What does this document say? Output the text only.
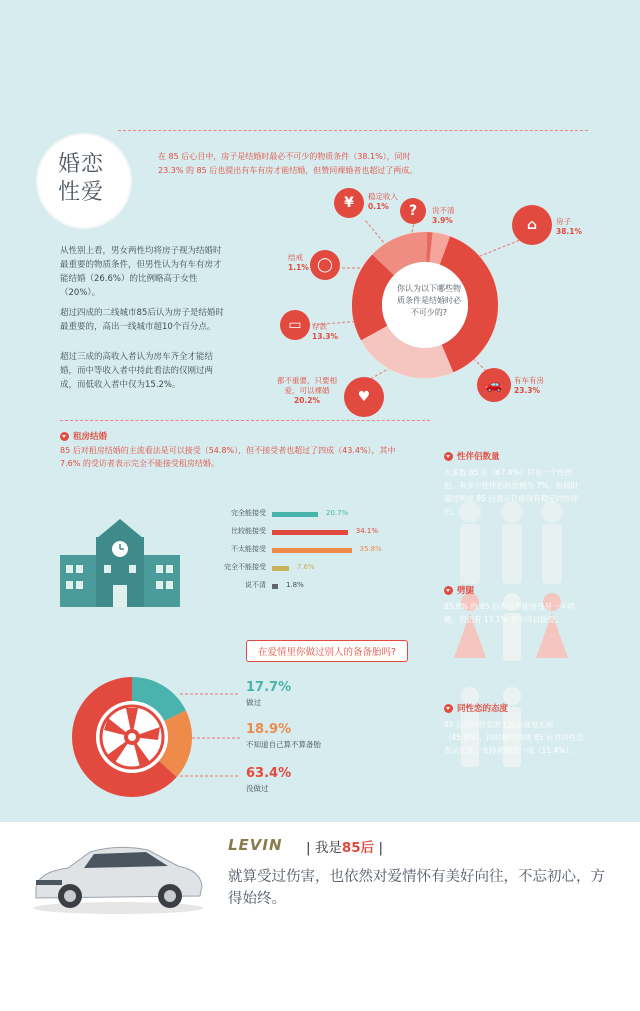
婚恋
性爱
在 85 后心目中，房子是结婚时最必不可少的物质条件（38.1%），同时 23.3% 的 85 后也提出有车有房才能结婚，但赞同裸婚者也超过了两成。
从性别上看，男女两性均将房子视为结婚时最重要的物质条件，但男性认为有车有房才能结婚（26.6%）的比例略高于女性（20%）。
超过四成的二线城市85后认为房子是结婚时最重要的，高出一线城市超10个百分点。
超过三成的高收入者认为房车齐全才能结婚，而中等收入者中持此看法的仅刚过两成，而低收入者中仅为15.2%。
你认为以下哪些物质条件是结婚时必不可少的?
¥	稳定收入
0.1%	?	说不清
3.9%	⌂	房子
38.1%
◯
结戒
1.1%
▭	存款
13.3%
🚗	有车有房
23.3%
♥
都不重要，只要相爱，可以裸婚
20.2%
租房结婚
85 后对租房结婚的主流看法是可以接受（54.8%），但不接受者也超过了四成（43.4%），其中 7.6% 的受访者表示完全不能接受租房结婚。
完全能接受	20.7%
比较能接受	34.1%
不太能接受	35.8%
完全不能接受	7.6%
说不清	1.8%
在爱情里你做过别人的备备胎吗?
17.7%
做过
18.9%
不知道自己算不算备胎
63.4%
没做过
性伴侣数量
大多数 85 后（67.4%）只有一个性伴侣，有多个性伴侣的比例为 7%，但同时超过两成 85 后表示目前没有稳定的性伴侣。
劈腿
85.8% 的 85 后表示不能接受另一半劈腿，但仍有 13.1% 表示可以接受。
同性恋的态度
85 后对同性恋的主流态度是无视（45.9%），同时超过四成 85 后对同性恋表示厌恶，支持者刚过一成（11.4%）。
LEVIN | 我是85后 |
就算受过伤害，也依然对爱情怀有美好向往，不忘初心，方得始终。
